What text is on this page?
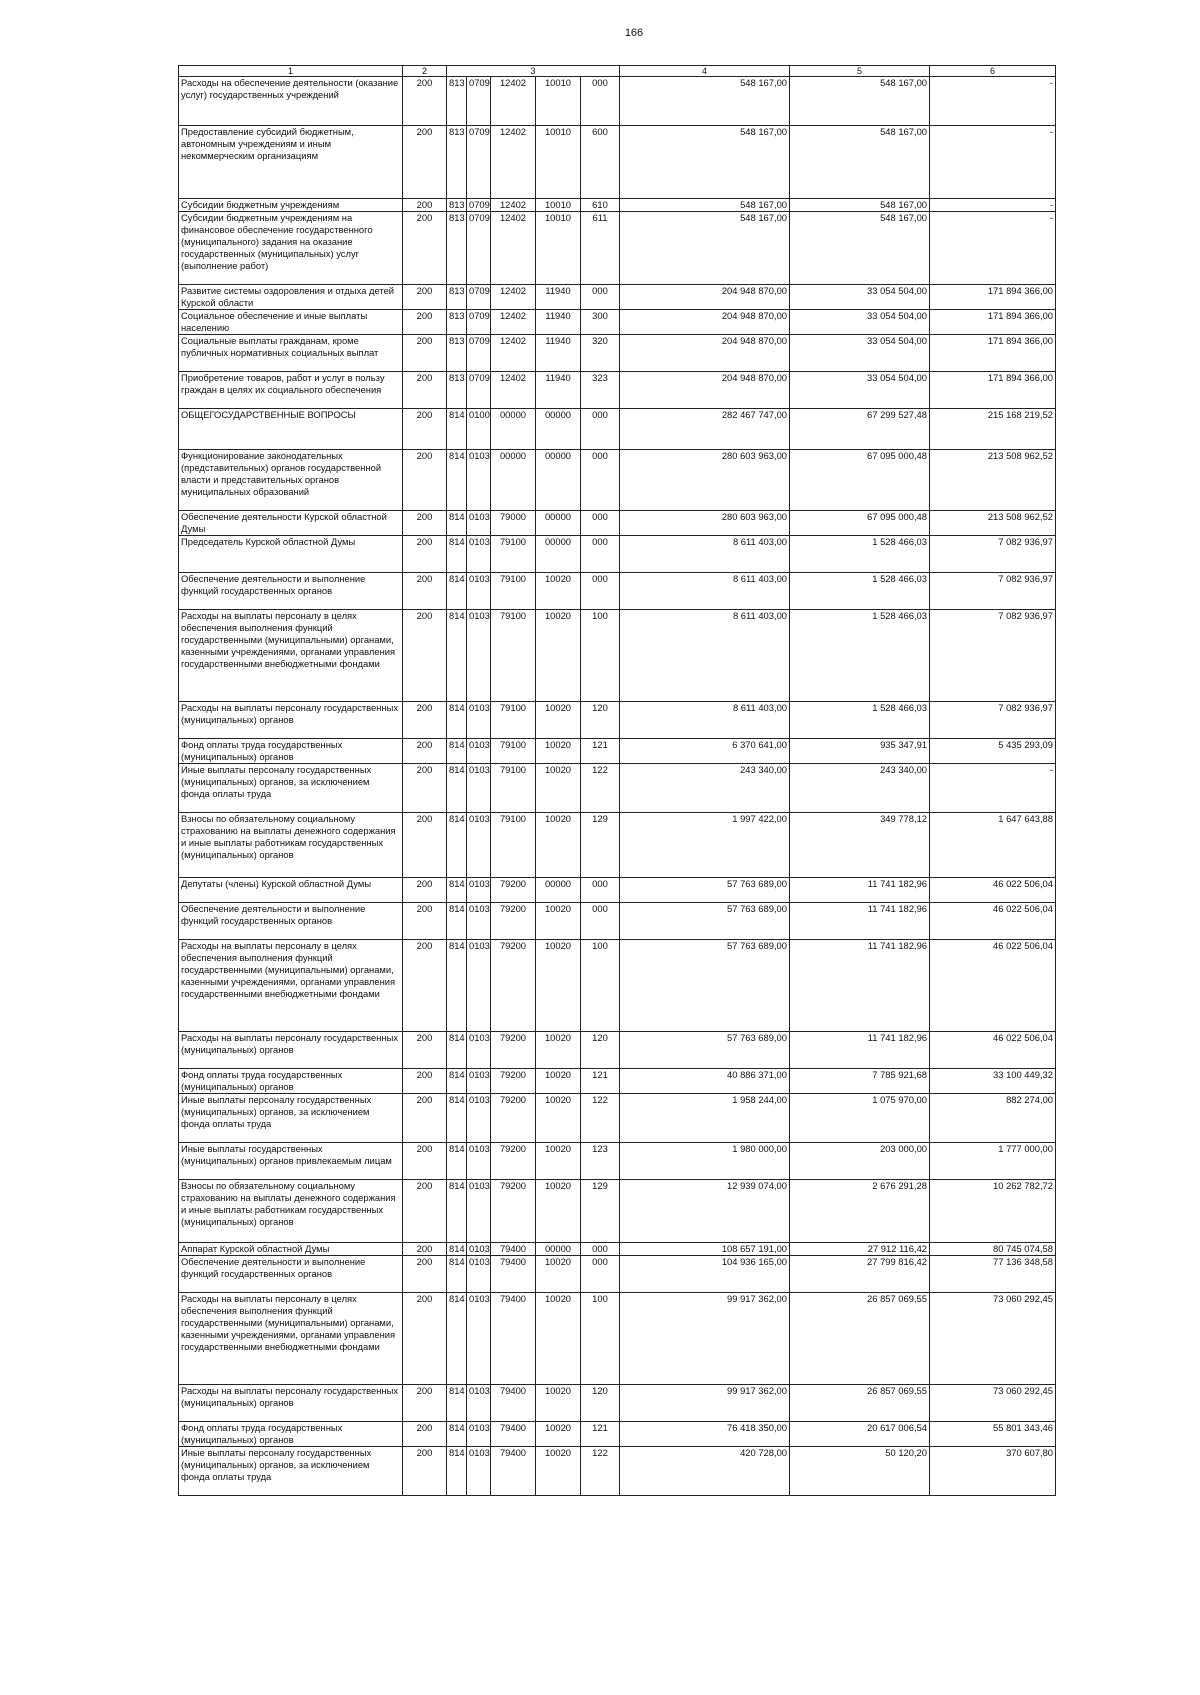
166
1	2	3					4	5	6
Расходы на обеспечение деятельности (оказание услуг) государственных учреждений	200	813	0709	12402	10010	000	548 167,00	548 167,00	-
Предоставление субсидий бюджетным, автономным учреждениям и иным некоммерческим организациям	200	813	0709	12402	10010	600	548 167,00	548 167,00	-
Субсидии бюджетным учреждениям	200	813	0709	12402	10010	610	548 167,00	548 167,00	-
Субсидии бюджетным учреждениям на финансовое обеспечение государственного (муниципального) задания на оказание государственных (муниципальных) услуг (выполнение работ)	200	813	0709	12402	10010	611	548 167,00	548 167,00	-
Развитие системы оздоровления и отдыха детей Курской области	200	813	0709	12402	11940	000	204 948 870,00	33 054 504,00	171 894 366,00
Социальное обеспечение и иные выплаты населению	200	813	0709	12402	11940	300	204 948 870,00	33 054 504,00	171 894 366,00
Социальные выплаты гражданам, кроме публичных нормативных социальных выплат	200	813	0709	12402	11940	320	204 948 870,00	33 054 504,00	171 894 366,00
Приобретение товаров, работ и услуг в пользу граждан в целях их социального обеспечения	200	813	0709	12402	11940	323	204 948 870,00	33 054 504,00	171 894 366,00
ОБЩЕГОСУДАРСТВЕННЫЕ ВОПРОСЫ	200	814	0100	00000	00000	000	282 467 747,00	67 299 527,48	215 168 219,52
Функционирование законодательных (представительных) органов государственной власти и представительных органов муниципальных образований	200	814	0103	00000	00000	000	280 603 963,00	67 095 000,48	213 508 962,52
Обеспечение деятельности Курской областной Думы	200	814	0103	79000	00000	000	280 603 963,00	67 095 000,48	213 508 962,52
Председатель Курской областной Думы	200	814	0103	79100	00000	000	8 611 403,00	1 528 466,03	7 082 936,97
Обеспечение деятельности и выполнение функций государственных органов	200	814	0103	79100	10020	000	8 611 403,00	1 528 466,03	7 082 936,97
Расходы на выплаты персоналу в целях обеспечения выполнения функций государственными (муниципальными) органами, казенными учреждениями, органами управления государственными внебюджетными фондами	200	814	0103	79100	10020	100	8 611 403,00	1 528 466,03	7 082 936,97
Расходы на выплаты персоналу государственных (муниципальных) органов	200	814	0103	79100	10020	120	8 611 403,00	1 528 466,03	7 082 936,97
Фонд оплаты труда государственных (муниципальных) органов	200	814	0103	79100	10020	121	6 370 641,00	935 347,91	5 435 293,09
Иные выплаты персоналу государственных (муниципальных) органов, за исключением фонда оплаты труда	200	814	0103	79100	10020	122	243 340,00	243 340,00	-
Взносы по обязательному социальному страхованию на выплаты денежного содержания и иные выплаты работникам государственных (муниципальных) органов	200	814	0103	79100	10020	129	1 997 422,00	349 778,12	1 647 643,88
Депутаты (члены) Курской областной Думы	200	814	0103	79200	00000	000	57 763 689,00	11 741 182,96	46 022 506,04
Обеспечение деятельности и выполнение функций государственных органов	200	814	0103	79200	10020	000	57 763 689,00	11 741 182,96	46 022 506,04
Расходы на выплаты персоналу в целях обеспечения выполнения функций государственными (муниципальными) органами, казенными учреждениями, органами управления государственными внебюджетными фондами	200	814	0103	79200	10020	100	57 763 689,00	11 741 182,96	46 022 506,04
Расходы на выплаты персоналу государственных (муниципальных) органов	200	814	0103	79200	10020	120	57 763 689,00	11 741 182,96	46 022 506,04
Фонд оплаты труда государственных (муниципальных) органов	200	814	0103	79200	10020	121	40 886 371,00	7 785 921,68	33 100 449,32
Иные выплаты персоналу государственных (муниципальных) органов, за исключением фонда оплаты труда	200	814	0103	79200	10020	122	1 958 244,00	1 075 970,00	882 274,00
Иные выплаты государственных (муниципальных) органов привлекаемым лицам	200	814	0103	79200	10020	123	1 980 000,00	203 000,00	1 777 000,00
Взносы по обязательному социальному страхованию на выплаты денежного содержания и иные выплаты работникам государственных (муниципальных) органов	200	814	0103	79200	10020	129	12 939 074,00	2 676 291,28	10 262 782,72
Аппарат Курской областной Думы	200	814	0103	79400	00000	000	108 657 191,00	27 912 116,42	80 745 074,58
Обеспечение деятельности и выполнение функций государственных органов	200	814	0103	79400	10020	000	104 936 165,00	27 799 816,42	77 136 348,58
Расходы на выплаты персоналу в целях обеспечения выполнения функций государственными (муниципальными) органами, казенными учреждениями, органами управления государственными внебюджетными фондами	200	814	0103	79400	10020	100	99 917 362,00	26 857 069,55	73 060 292,45
Расходы на выплаты персоналу государственных (муниципальных) органов	200	814	0103	79400	10020	120	99 917 362,00	26 857 069,55	73 060 292,45
Фонд оплаты труда государственных (муниципальных) органов	200	814	0103	79400	10020	121	76 418 350,00	20 617 006,54	55 801 343,46
Иные выплаты персоналу государственных (муниципальных) органов, за исключением фонда оплаты труда	200	814	0103	79400	10020	122	420 728,00	50 120,20	370 607,80
